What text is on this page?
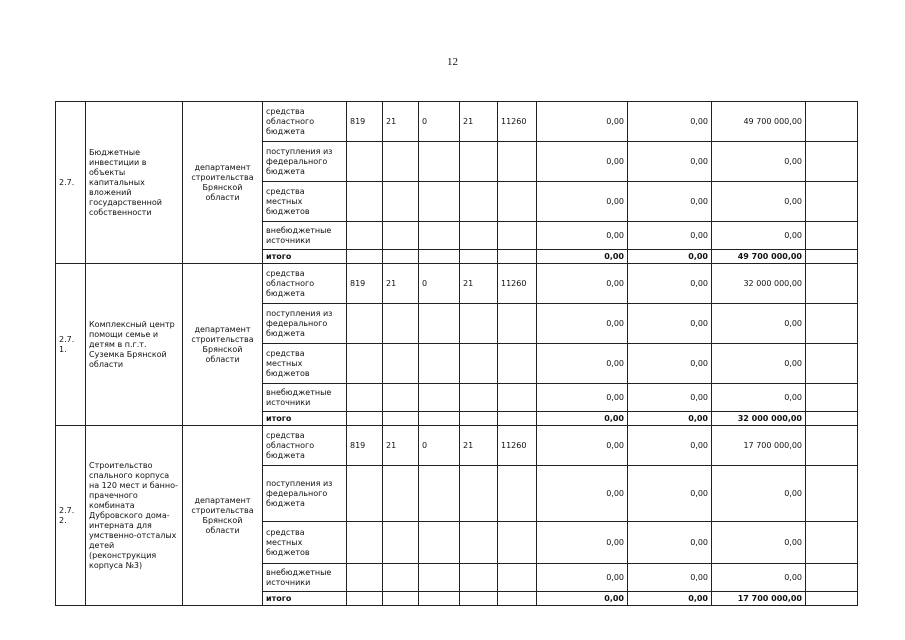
12
2.7.	Бюджетные инвестиции в объекты капитальных вложений государственной собственности	департамент строительства Брянской области	средства областного бюджета	819	21	0	21	11260	0,00	0,00	49 700 000,00	
			поступления из федерального бюджета						0,00	0,00	0,00	
			средства местных бюджетов						0,00	0,00	0,00	
			внебюджетные источники						0,00	0,00	0,00	
			итого						0,00	0,00	49 700 000,00	
2.7. 1.	Комплексный центр помощи семье и детям в п.г.т. Суземка Брянской области	департамент строительства Брянской области	средства областного бюджета	819	21	0	21	11260	0,00	0,00	32 000 000,00	
			поступления из федерального бюджета						0,00	0,00	0,00	
			средства местных бюджетов						0,00	0,00	0,00	
			внебюджетные источники						0,00	0,00	0,00	
			итого						0,00	0,00	32 000 000,00	
2.7. 2.	Строительство спального корпуса на 120 мест и банно-прачечного комбината Дубровского дома-интерната для умственно-отсталых детей (реконструкция корпуса №3)	департамент строительства Брянской области	средства областного бюджета	819	21	0	21	11260	0,00	0,00	17 700 000,00	
			поступления из федерального бюджета						0,00	0,00	0,00	
			средства местных бюджетов						0,00	0,00	0,00	
			внебюджетные источники						0,00	0,00	0,00	
			итого						0,00	0,00	17 700 000,00	
